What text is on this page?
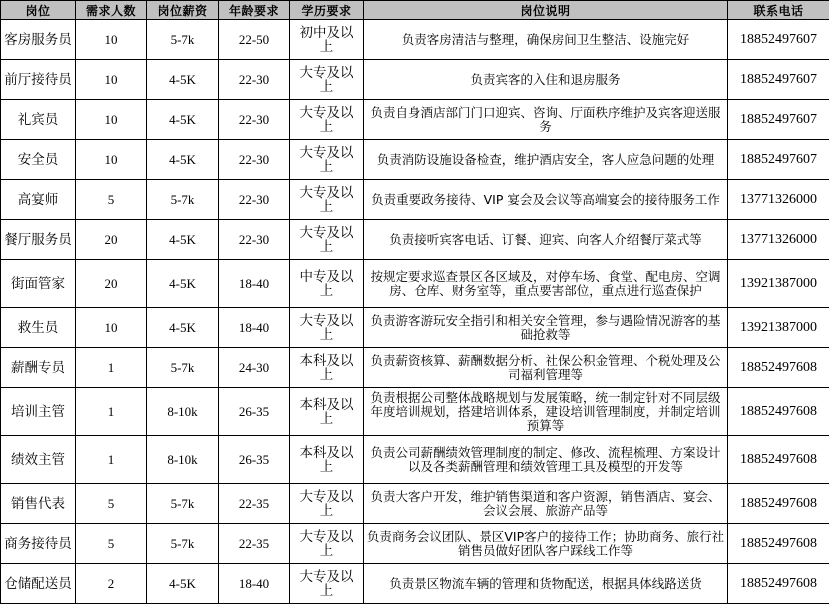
岗位	需求人数	岗位薪资	年龄要求	学历要求	岗位说明	联系电话
客房服务员	10	5-7k	22-50	初中及以上	负责客房清洁与整理，确保房间卫生整洁、设施完好	18852497607
前厅接待员	10	4-5K	22-30	大专及以上	负责宾客的入住和退房服务	18852497607
礼宾员	10	4-5K	22-30	大专及以上	负责自身酒店部门门口迎宾、咨询、厅面秩序维护及宾客迎送服务	18852497607
安全员	10	4-5K	22-30	大专及以上	负责消防设施设备检查，维护酒店安全，客人应急问题的处理	18852497607
高宴师	5	5-7k	22-30	大专及以上	负责重要政务接待、VIP 宴会及会议等高端宴会的接待服务工作	13771326000
餐厅服务员	20	4-5K	22-30	大专及以上	负责接听宾客电话、订餐、迎宾、向客人介绍餐厅菜式等	13771326000
街面管家	20	4-5K	18-40	中专及以上	按规定要求巡查景区各区域及，对停车场、食堂、配电房、空调房、仓库、财务室等，重点要害部位，重点进行巡查保护	13921387000
救生员	10	4-5K	18-40	大专及以上	负责游客游玩安全指引和相关安全管理，参与遇险情况游客的基础抢救等	13921387000
薪酬专员	1	5-7k	24-30	本科及以上	负责薪资核算、薪酬数据分析、社保公积金管理、个税处理及公司福利管理等	18852497608
培训主管	1	8-10k	26-35	本科及以上	负责根据公司整体战略规划与发展策略，统一制定针对不同层级年度培训规划，搭建培训体系，建设培训管理制度，并制定培训预算等	18852497608
绩效主管	1	8-10k	26-35	本科及以上	负责公司薪酬绩效管理制度的制定、修改、流程梳理、方案设计以及各类薪酬管理和绩效管理工具及模型的开发等	18852497608
销售代表	5	5-7k	22-35	大专及以上	负责大客户开发，维护销售渠道和客户资源，销售酒店、宴会、会议会展、旅游产品等	18852497608
商务接待员	5	5-7k	22-35	大专及以上	负责商务会议团队、景区VIP客户的接待工作；协助商务、旅行社销售员做好团队客户踩线工作等	18852497608
仓储配送员	2	4-5K	18-40	大专及以上	负责景区物流车辆的管理和货物配送，根据具体线路送货	18852497608
